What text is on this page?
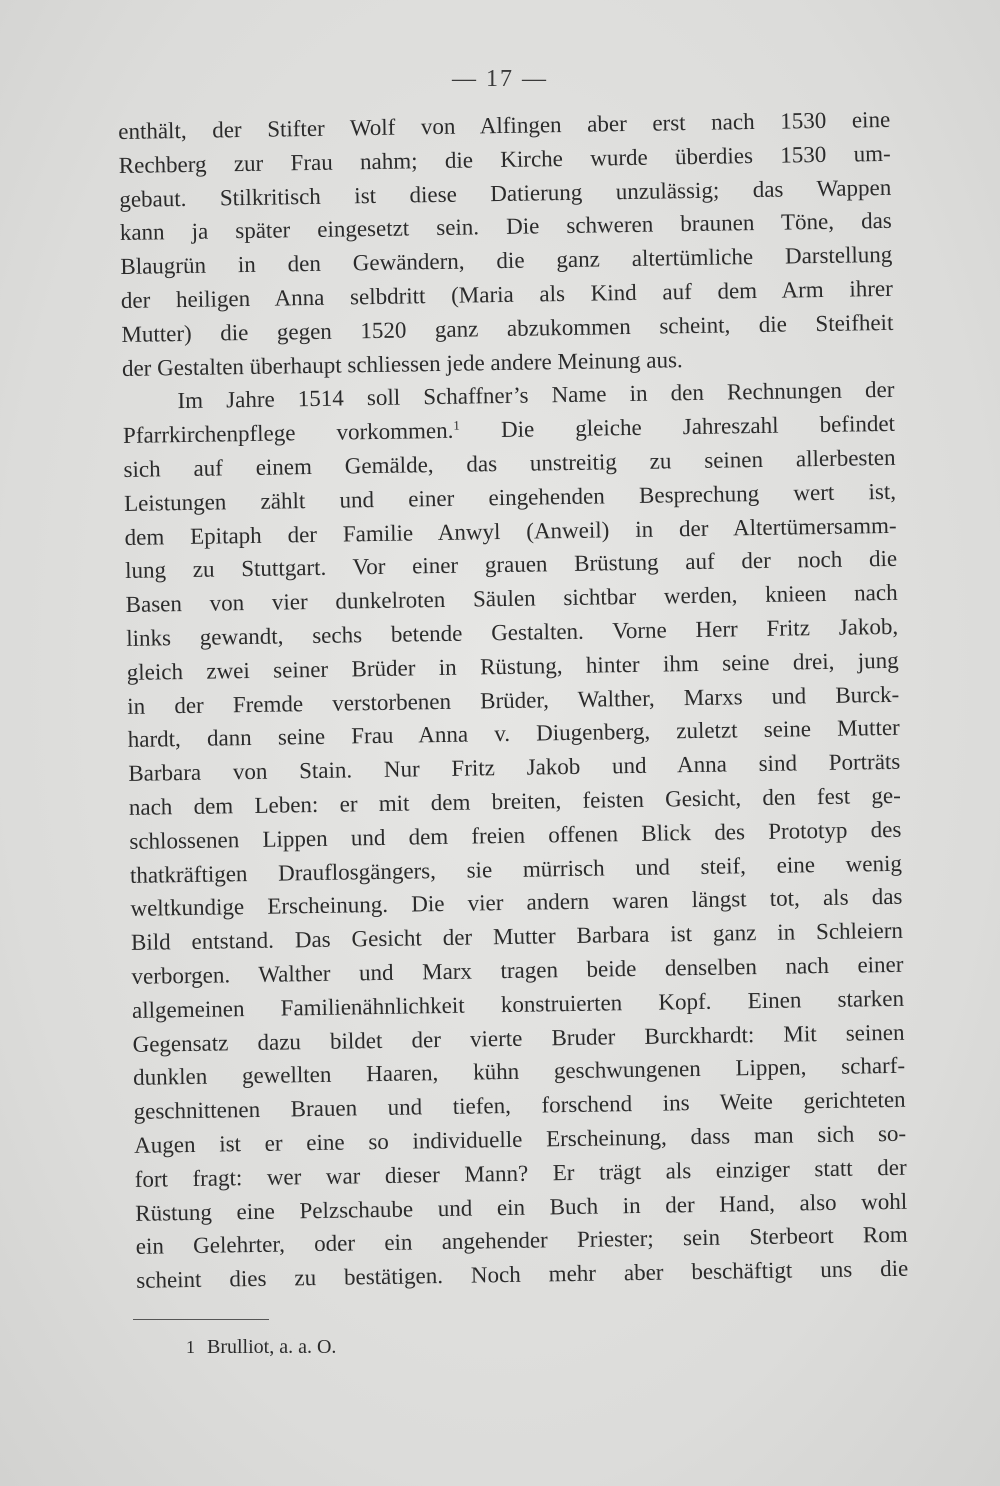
— 17 —
enthält, der Stifter Wolf von Alfingen aber erst nach 1530 eine
Rechberg zur Frau nahm; die Kirche wurde überdies 1530 um-
gebaut. Stilkritisch ist diese Datierung unzulässig; das Wappen
kann ja später eingesetzt sein. Die schweren braunen Töne, das
Blaugrün in den Gewändern, die ganz altertümliche Darstellung
der heiligen Anna selbdritt (Maria als Kind auf dem Arm ihrer
Mutter) die gegen 1520 ganz abzukommen scheint, die Steifheit
der Gestalten überhaupt schliessen jede andere Meinung aus.
Im Jahre 1514 soll Schaffner’s Name in den Rechnungen der
Pfarrkirchenpflege vorkommen.$^1$ Die gleiche Jahreszahl befindet
sich auf einem Gemälde, das unstreitig zu seinen allerbesten
Leistungen zählt und einer eingehenden Besprechung wert ist,
dem Epitaph der Familie Anwyl (Anweil) in der Altertümersamm-
lung zu Stuttgart. Vor einer grauen Brüstung auf der noch die
Basen von vier dunkelroten Säulen sichtbar werden, knieen nach
links gewandt, sechs betende Gestalten. Vorne Herr Fritz Jakob,
gleich zwei seiner Brüder in Rüstung, hinter ihm seine drei, jung
in der Fremde verstorbenen Brüder, Walther, Marxs und Burck-
hardt, dann seine Frau Anna v. Diugenberg, zuletzt seine Mutter
Barbara von Stain. Nur Fritz Jakob und Anna sind Porträts
nach dem Leben: er mit dem breiten, feisten Gesicht, den fest ge-
schlossenen Lippen und dem freien offenen Blick des Prototyp des
thatkräftigen Drauflosgängers, sie mürrisch und steif, eine wenig
weltkundige Erscheinung. Die vier andern waren längst tot, als das
Bild entstand. Das Gesicht der Mutter Barbara ist ganz in Schleiern
verborgen. Walther und Marx tragen beide denselben nach einer
allgemeinen Familienähnlichkeit konstruierten Kopf. Einen starken
Gegensatz dazu bildet der vierte Bruder Burckhardt: Mit seinen
dunklen gewellten Haaren, kühn geschwungenen Lippen, scharf-
geschnittenen Brauen und tiefen, forschend ins Weite gerichteten
Augen ist er eine so individuelle Erscheinung, dass man sich so-
fort fragt: wer war dieser Mann? Er trägt als einziger statt der
Rüstung eine Pelzschaube und ein Buch in der Hand, also wohl
ein Gelehrter, oder ein angehender Priester; sein Sterbeort Rom
scheint dies zu bestätigen. Noch mehr aber beschäftigt uns die
1 Brulliot, a. a. O.
